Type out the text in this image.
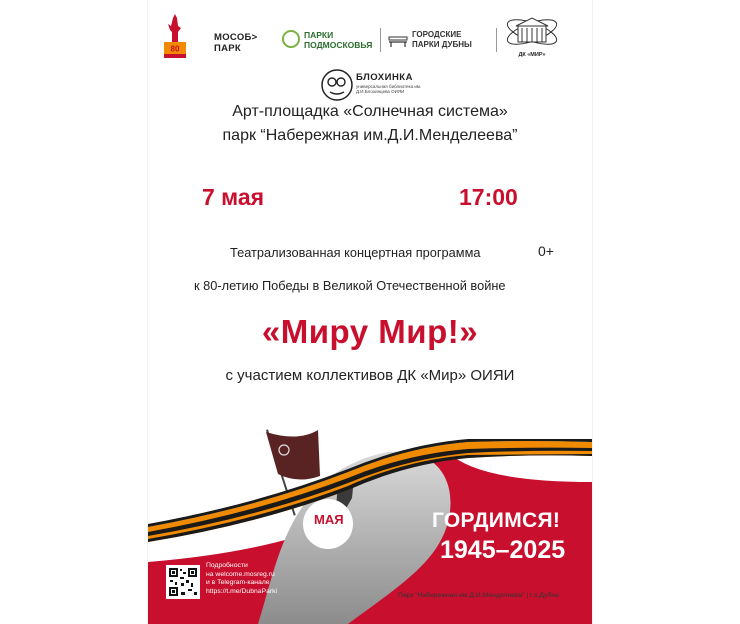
80
МОСОБ>
ПАРК
ПАРКИ
ПОДМОСКОВЬЯ
ГОРОДСКИЕ
ПАРКИ ДУБНЫ
ДК «МИР»
БЛОХИНКА
универсальная библиотека им. Д.И.Блохинцева ОИЯИ
Арт-площадка «Солнечная система»
парк “Набережная им.Д.И.Менделеева”
7 мая	17:00
Театрализованная концертная программа	0+
к 80-летию Победы в Великой Отечественной войне
«Миру Мир!»
с участием коллективов ДК «Мир» ОИЯИ
МАЯ	ГОРДИМСЯ!
1945–2025
Подробности
на welcome.mosreg.ru
и в Telegram-канале
https://t.me/DubnaParki
Парк “Набережная им.Д.И.Менделеева” | г.о.Дубна
